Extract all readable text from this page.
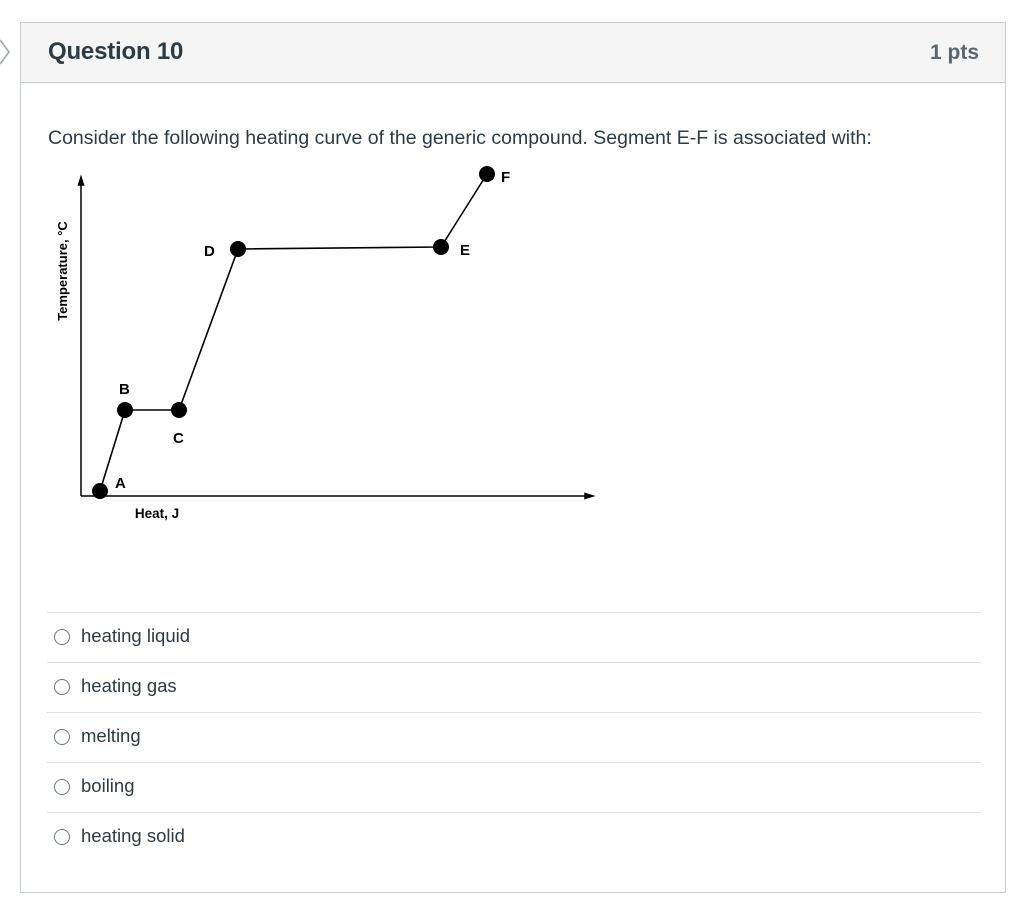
Question 10	1 pts
Consider the following heating curve of the generic compound. Segment E-F is associated with:
Temperature, °C
Heat, J
A
B
C
D	E
F
heating liquid
heating gas
melting
boiling
heating solid
